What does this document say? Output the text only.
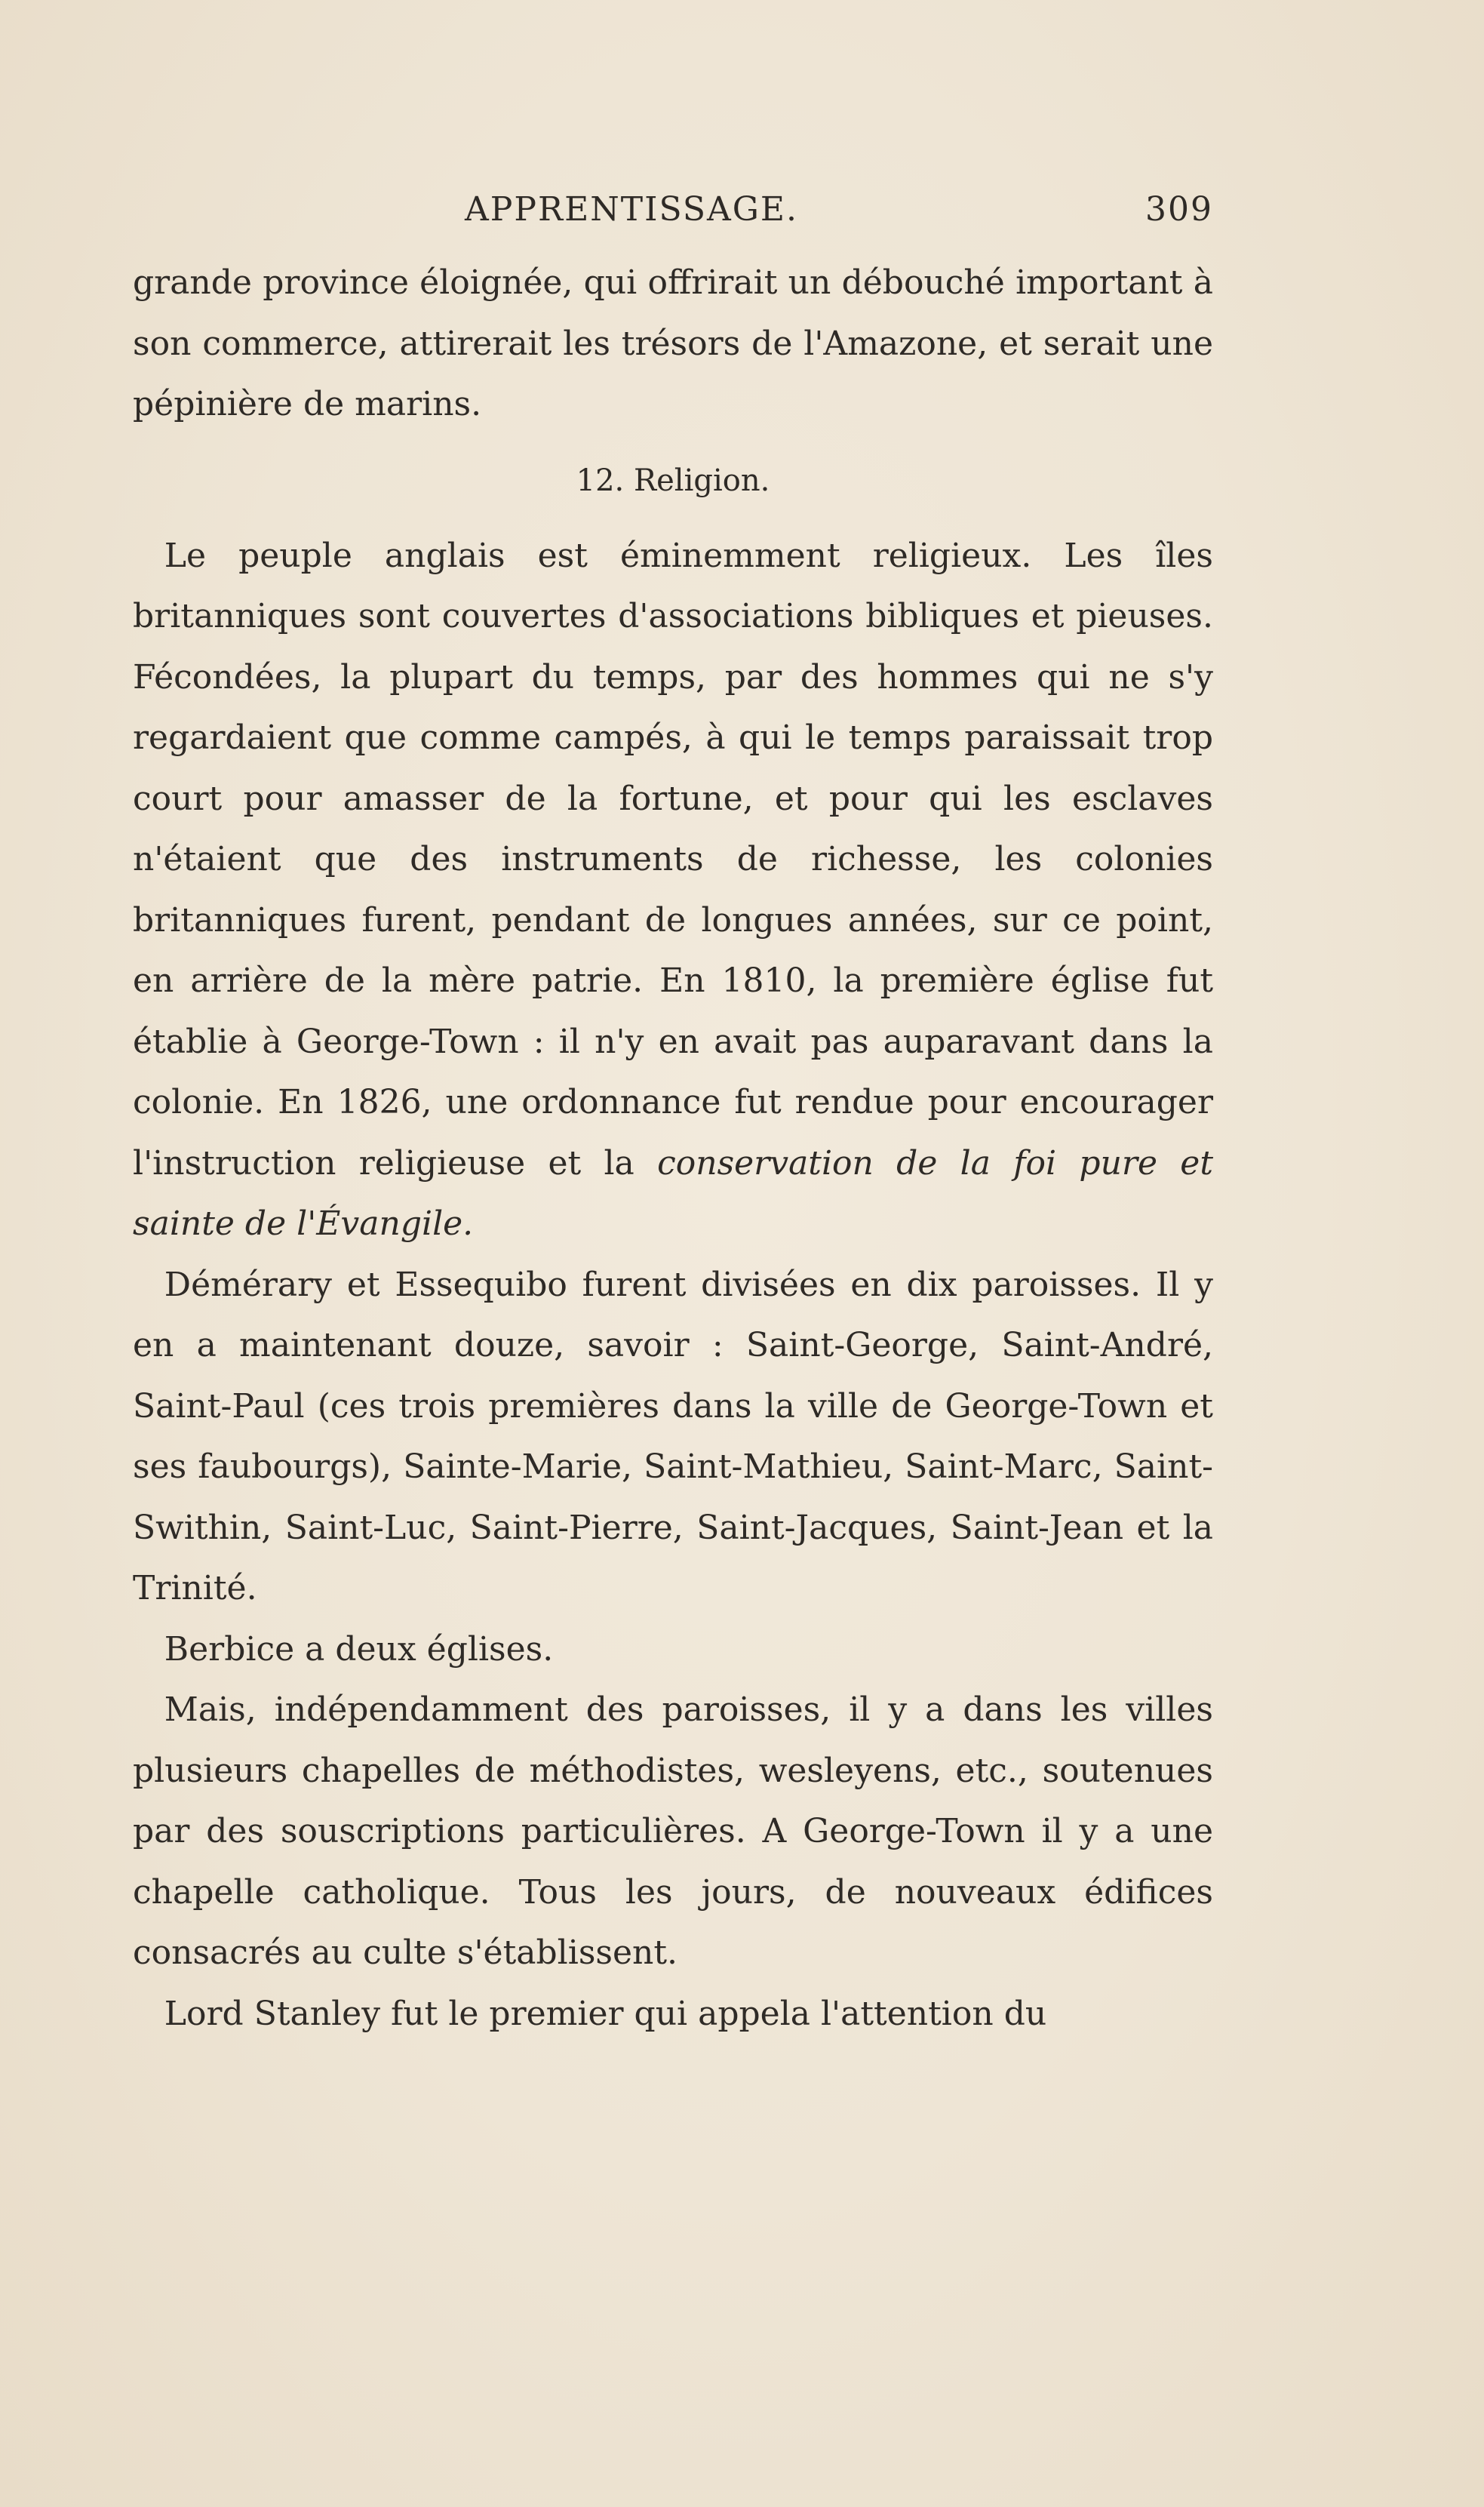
APPRENTISSAGE.	309

grande province éloignée, qui offrirait un débouché important à son commerce, attirerait les trésors de l'Amazone, et serait une pépinière de marins.

12. Religion.

Le peuple anglais est éminemment religieux. Les îles britanniques sont couvertes d'associations bibliques et pieuses. Fécondées, la plupart du temps, par des hommes qui ne s'y regardaient que comme campés, à qui le temps paraissait trop court pour amasser de la fortune, et pour qui les esclaves n'étaient que des instruments de richesse, les colonies britanniques furent, pendant de longues années, sur ce point, en arrière de la mère patrie. En 1810, la première église fut établie à George-Town : il n'y en avait pas auparavant dans la colonie. En 1826, une ordonnance fut rendue pour encourager l'instruction religieuse et la conservation de la foi pure et sainte de l'Évangile.

Démérary et Essequibo furent divisées en dix paroisses. Il y en a maintenant douze, savoir : Saint-George, Saint-André, Saint-Paul (ces trois premières dans la ville de George-Town et ses faubourgs), Sainte-Marie, Saint-Mathieu, Saint-Marc, Saint-Swithin, Saint-Luc, Saint-Pierre, Saint-Jacques, Saint-Jean et la Trinité.

Berbice a deux églises.

Mais, indépendamment des paroisses, il y a dans les villes plusieurs chapelles de méthodistes, wesleyens, etc., soutenues par des souscriptions particulières. A George-Town il y a une chapelle catholique. Tous les jours, de nouveaux édifices consacrés au culte s'établissent.

Lord Stanley fut le premier qui appela l'attention du
